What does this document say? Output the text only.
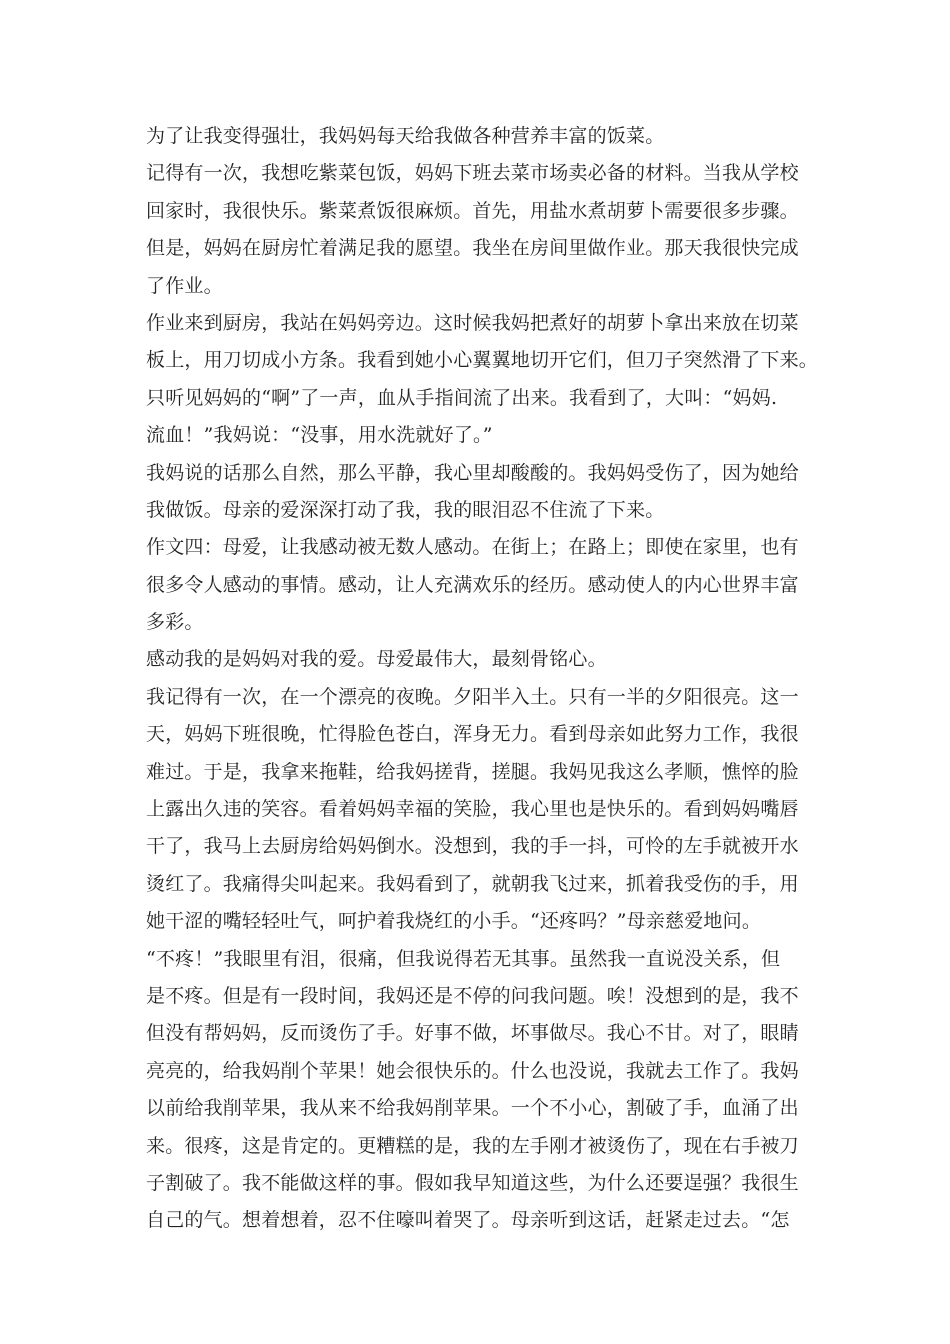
为了让我变得强壮，我妈妈每天给我做各种营养丰富的饭菜。
记得有一次，我想吃紫菜包饭，妈妈下班去菜市场卖必备的材料。当我从学校
回家时，我很快乐。紫菜煮饭很麻烦。首先，用盐水煮胡萝卜需要很多步骤。
但是，妈妈在厨房忙着满足我的愿望。我坐在房间里做作业。那天我很快完成
了作业。
作业来到厨房，我站在妈妈旁边。这时候我妈把煮好的胡萝卜拿出来放在切菜
板上，用刀切成小方条。我看到她小心翼翼地切开它们，但刀子突然滑了下来。
只听见妈妈的“啊”了一声，血从手指间流了出来。我看到了，大叫：“妈妈.
流血！”我妈说：“没事，用水洗就好了。”
我妈说的话那么自然，那么平静，我心里却酸酸的。我妈妈受伤了，因为她给
我做饭。母亲的爱深深打动了我，我的眼泪忍不住流了下来。
作文四：母爱，让我感动被无数人感动。在街上；在路上；即使在家里，也有
很多令人感动的事情。感动，让人充满欢乐的经历。感动使人的内心世界丰富
多彩。
感动我的是妈妈对我的爱。母爱最伟大，最刻骨铭心。
我记得有一次，在一个漂亮的夜晚。夕阳半入土。只有一半的夕阳很亮。这一
天，妈妈下班很晚，忙得脸色苍白，浑身无力。看到母亲如此努力工作，我很
难过。于是，我拿来拖鞋，给我妈搓背，搓腿。我妈见我这么孝顺，憔悴的脸
上露出久违的笑容。看着妈妈幸福的笑脸，我心里也是快乐的。看到妈妈嘴唇
干了，我马上去厨房给妈妈倒水。没想到，我的手一抖，可怜的左手就被开水
烫红了。我痛得尖叫起来。我妈看到了，就朝我飞过来，抓着我受伤的手，用
她干涩的嘴轻轻吐气，呵护着我烧红的小手。“还疼吗？”母亲慈爱地问。
“不疼！”我眼里有泪，很痛，但我说得若无其事。虽然我一直说没关系，但
是不疼。但是有一段时间，我妈还是不停的问我问题。唉！没想到的是，我不
但没有帮妈妈，反而烫伤了手。好事不做，坏事做尽。我心不甘。对了，眼睛
亮亮的，给我妈削个苹果！她会很快乐的。什么也没说，我就去工作了。我妈
以前给我削苹果，我从来不给我妈削苹果。一个不小心，割破了手，血涌了出
来。很疼，这是肯定的。更糟糕的是，我的左手刚才被烫伤了，现在右手被刀
子割破了。我不能做这样的事。假如我早知道这些，为什么还要逞强？我很生
自己的气。想着想着，忍不住嚎叫着哭了。母亲听到这话，赶紧走过去。“怎
